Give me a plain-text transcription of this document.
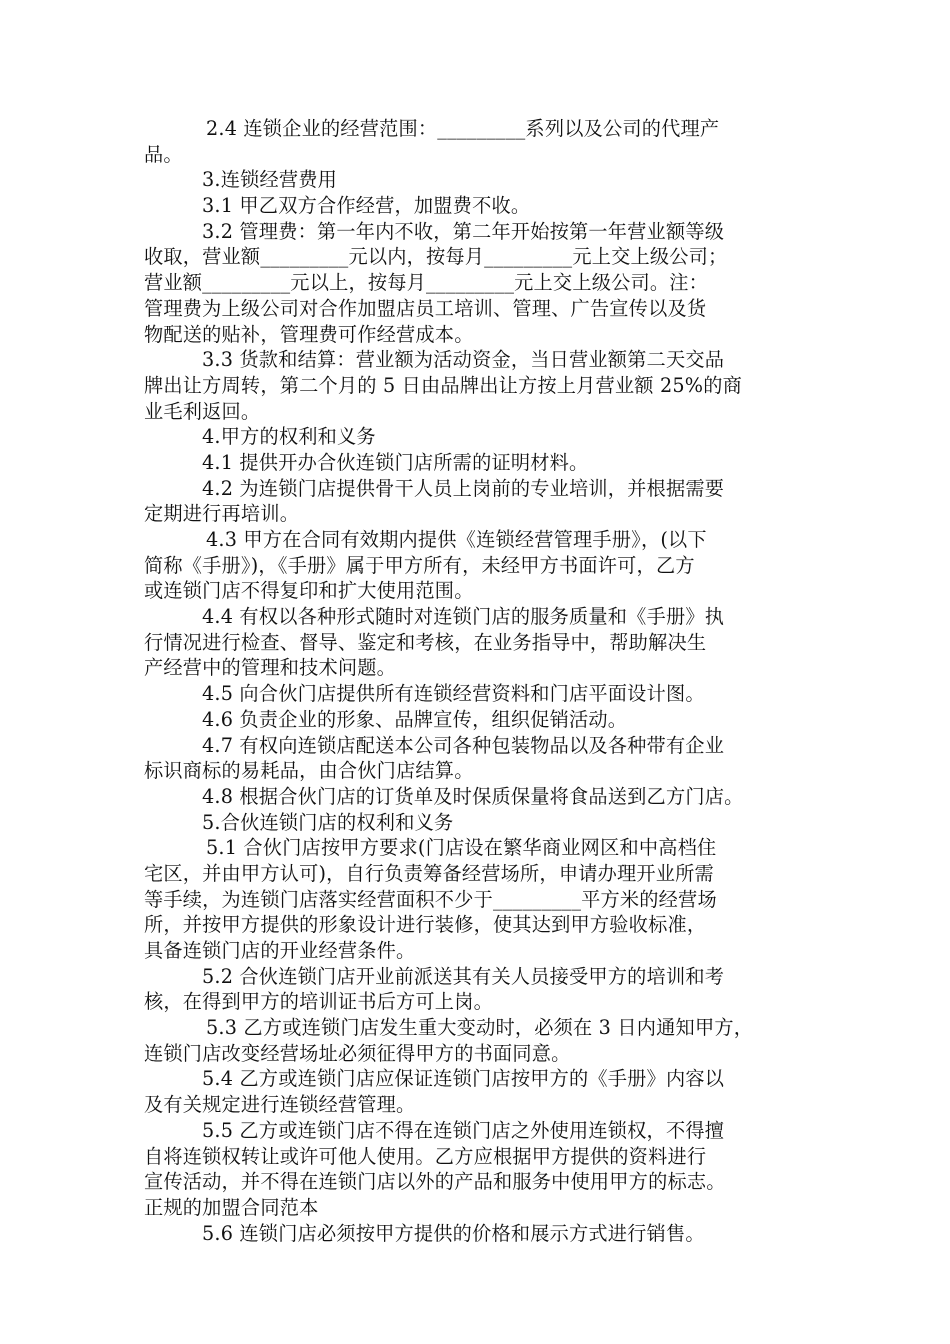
2.4 连锁企业的经营范围：_________系列以及公司的代理产
品。
3.连锁经营费用
3.1 甲乙双方合作经营，加盟费不收。
3.2 管理费：第一年内不收，第二年开始按第一年营业额等级
收取，营业额_________元以内，按每月_________元上交上级公司；
营业额_________元以上，按每月_________元上交上级公司。注：
管理费为上级公司对合作加盟店员工培训、管理、广告宣传以及货
物配送的贴补，管理费可作经营成本。
3.3 货款和结算：营业额为活动资金，当日营业额第二天交品
牌出让方周转，第二个月的 5 日由品牌出让方按上月营业额 25%的商
业毛利返回。
4.甲方的权利和义务
4.1 提供开办合伙连锁门店所需的证明材料。
4.2 为连锁门店提供骨干人员上岗前的专业培训，并根据需要
定期进行再培训。
4.3 甲方在合同有效期内提供《连锁经营管理手册》，(以下
简称《手册》)，《手册》属于甲方所有，未经甲方书面许可，乙方
或连锁门店不得复印和扩大使用范围。
4.4 有权以各种形式随时对连锁门店的服务质量和《手册》执
行情况进行检查、督导、鉴定和考核，在业务指导中，帮助解决生
产经营中的管理和技术问题。
4.5 向合伙门店提供所有连锁经营资料和门店平面设计图。
4.6 负责企业的形象、品牌宣传，组织促销活动。
4.7 有权向连锁店配送本公司各种包装物品以及各种带有企业
标识商标的易耗品，由合伙门店结算。
4.8 根据合伙门店的订货单及时保质保量将食品送到乙方门店。
5.合伙连锁门店的权利和义务
5.1 合伙门店按甲方要求(门店设在繁华商业网区和中高档住
宅区，并由甲方认可)，自行负责筹备经营场所，申请办理开业所需
等手续，为连锁门店落实经营面积不少于_________平方米的经营场
所，并按甲方提供的形象设计进行装修，使其达到甲方验收标准，
具备连锁门店的开业经营条件。
5.2 合伙连锁门店开业前派送其有关人员接受甲方的培训和考
核，在得到甲方的培训证书后方可上岗。
5.3 乙方或连锁门店发生重大变动时，必须在 3 日内通知甲方，
连锁门店改变经营场址必须征得甲方的书面同意。
5.4 乙方或连锁门店应保证连锁门店按甲方的《手册》内容以
及有关规定进行连锁经营管理。
5.5 乙方或连锁门店不得在连锁门店之外使用连锁权，不得擅
自将连锁权转让或许可他人使用。乙方应根据甲方提供的资料进行
宣传活动，并不得在连锁门店以外的产品和服务中使用甲方的标志。
正规的加盟合同范本
5.6 连锁门店必须按甲方提供的价格和展示方式进行销售。
